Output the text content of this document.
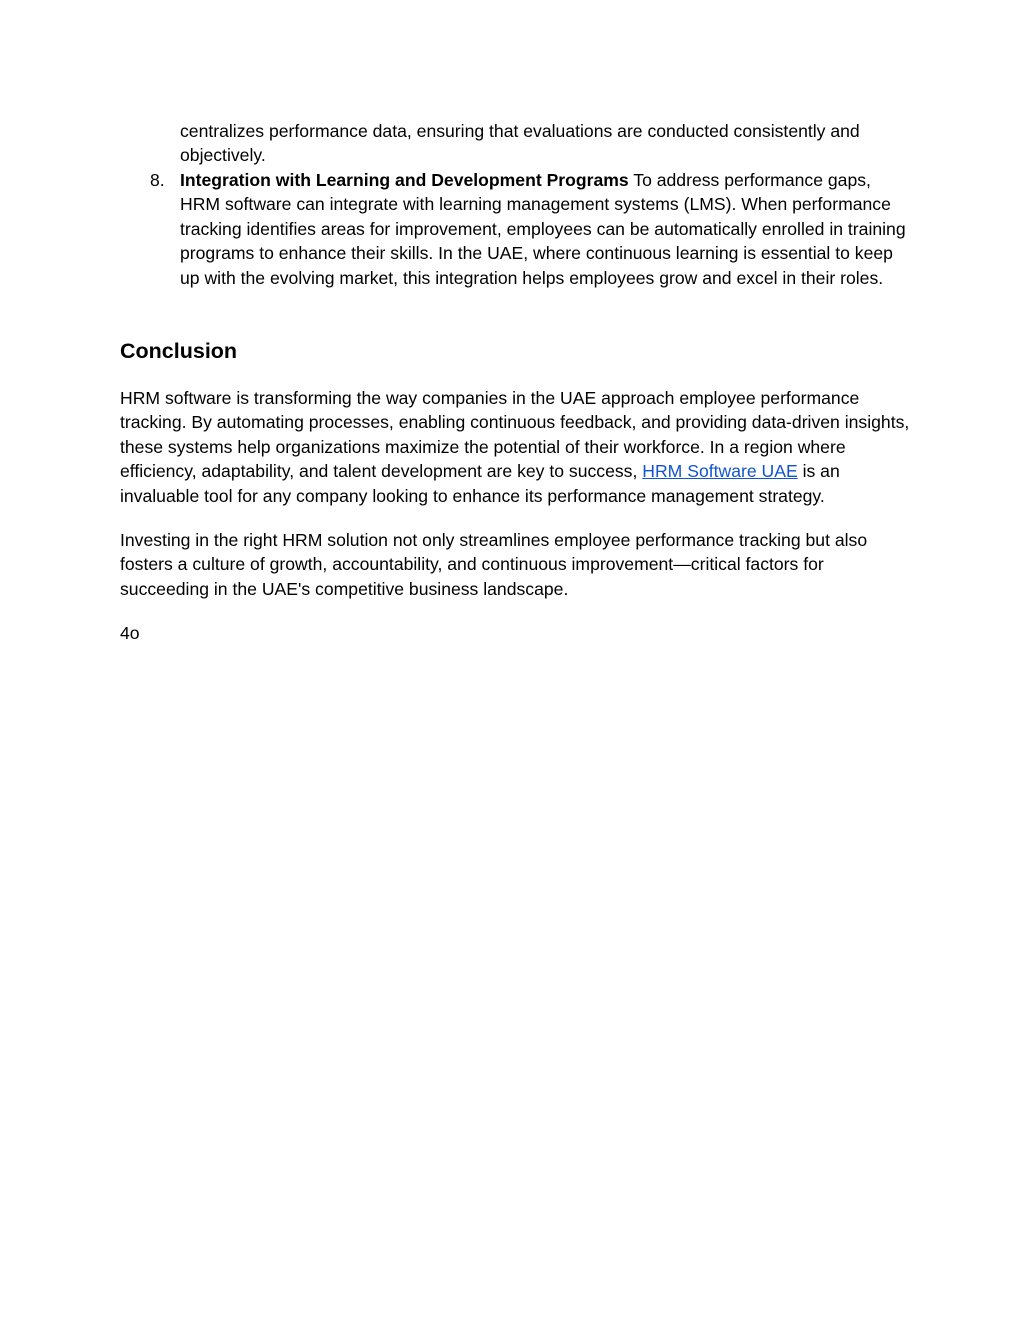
centralizes performance data, ensuring that evaluations are conducted consistently and objectively.
8. Integration with Learning and Development Programs To address performance gaps, HRM software can integrate with learning management systems (LMS). When performance tracking identifies areas for improvement, employees can be automatically enrolled in training programs to enhance their skills. In the UAE, where continuous learning is essential to keep up with the evolving market, this integration helps employees grow and excel in their roles.
Conclusion

HRM software is transforming the way companies in the UAE approach employee performance tracking. By automating processes, enabling continuous feedback, and providing data-driven insights, these systems help organizations maximize the potential of their workforce. In a region where efficiency, adaptability, and talent development are key to success, HRM Software UAE is an invaluable tool for any company looking to enhance its performance management strategy.

Investing in the right HRM solution not only streamlines employee performance tracking but also fosters a culture of growth, accountability, and continuous improvement—critical factors for succeeding in the UAE's competitive business landscape.

4o
